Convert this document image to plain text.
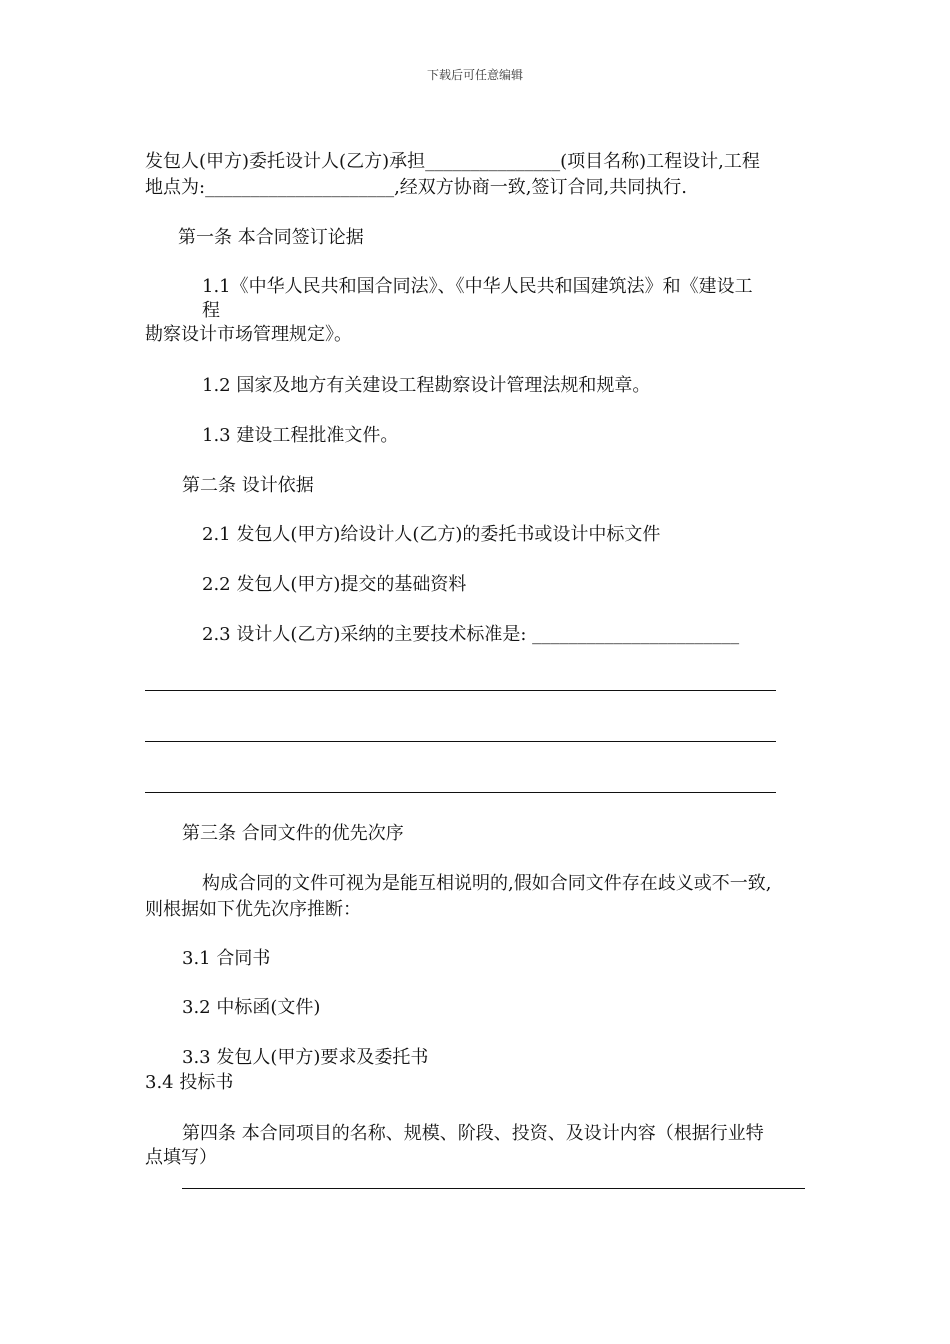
下载后可任意编辑
发包人(甲方)委托设计人(乙方)承担_______________(项目名称)工程设计,工程
地点为:_____________________,经双方协商一致,签订合同,共同执行.
第一条 本合同签订论据
1.1《中华人民共和国合同法》、《中华人民共和国建筑法》和《建设工
程
勘察设计市场管理规定》。
1.2 国家及地方有关建设工程勘察设计管理法规和规章。
1.3 建设工程批准文件。
第二条 设计依据
2.1 发包人(甲方)给设计人(乙方)的委托书或设计中标文件
2.2 发包人(甲方)提交的基础资料
2.3 设计人(乙方)采纳的主要技术标准是: _______________________
第三条 合同文件的优先次序
构成合同的文件可视为是能互相说明的,假如合同文件存在歧义或不一致,
则根据如下优先次序推断：
3.1 合同书
3.2 中标函(文件)
3.3 发包人(甲方)要求及委托书
3.4 投标书
第四条 本合同项目的名称、规模、阶段、投资、及设计内容（根据行业特
点填写）
